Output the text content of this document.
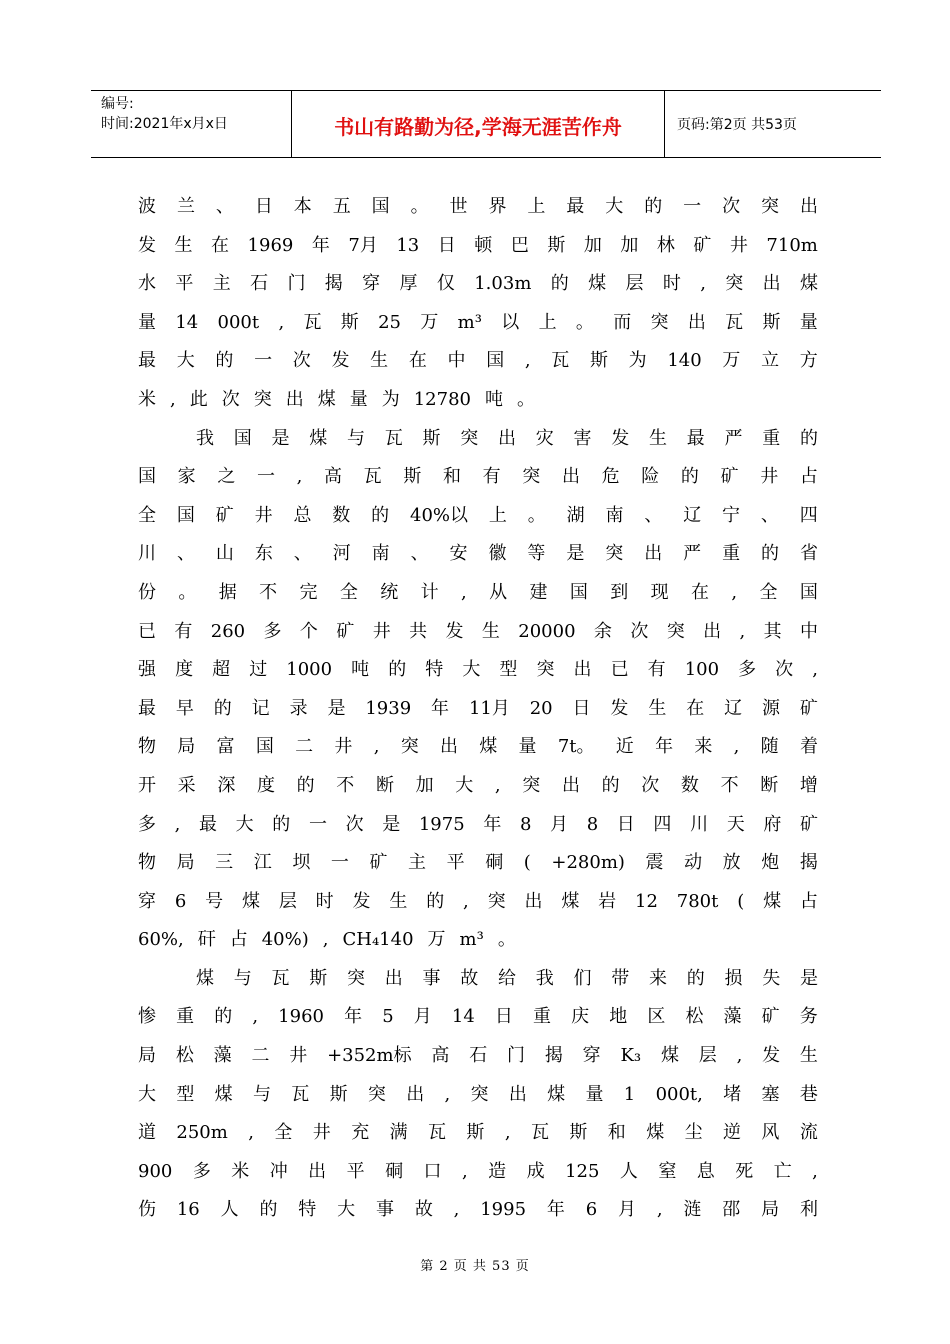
编号:
时间:2021年x月x日	书山有路勤为径,学海无涯苦作舟	页码:第2页 共53页
波 兰 、 日 本 五 国 。 世 界 上 最 大 的 一 次 突 出
发 生 在 1969 年 7月 13 日 顿 巴 斯 加 加 林 矿 井 710m
水 平 主 石 门 揭 穿 厚 仅 1.03m 的 煤 层 时 , 突 出 煤
量 14 000t , 瓦 斯 25 万 m³ 以 上 。 而 突 出 瓦 斯 量
最 大 的 一 次 发 生 在 中 国 , 瓦 斯 为 140 万 立 方
米 , 此 次 突 出 煤 量 为 12780 吨 。
我 国 是 煤 与 瓦 斯 突 出 灾 害 发 生 最 严 重 的
国 家 之 一 , 高 瓦 斯 和 有 突 出 危 险 的 矿 井 占
全 国 矿 井 总 数 的 40%以 上 。 湖 南 、 辽 宁 、 四
川 、 山 东 、 河 南 、 安 徽 等 是 突 出 严 重 的 省
份 。 据 不 完 全 统 计 , 从 建 国 到 现 在 , 全 国
已 有 260 多 个 矿 井 共 发 生 20000 余 次 突 出 , 其 中
强 度 超 过 1000 吨 的 特 大 型 突 出 已 有 100 多 次 ,
最 早 的 记 录 是 1939 年 11月 20 日 发 生 在 辽 源 矿
物 局 富 国 二 井 , 突 出 煤 量 7t。 近 年 来 , 随 着
开 采 深 度 的 不 断 加 大 , 突 出 的 次 数 不 断 增
多 , 最 大 的 一 次 是 1975 年 8 月 8 日 四 川 天 府 矿
物 局 三 江 坝 一 矿 主 平 硐 ( +280m) 震 动 放 炮 揭
穿 6 号 煤 层 时 发 生 的 , 突 出 煤 岩 12 780t ( 煤 占
60%, 矸 占 40%) , CH₄140 万 m³ 。
煤 与 瓦 斯 突 出 事 故 给 我 们 带 来 的 损 失 是
惨 重 的 , 1960 年 5 月 14 日 重 庆 地 区 松 藻 矿 务
局 松 藻 二 井 +352m标 高 石 门 揭 穿 K₃ 煤 层 , 发 生
大 型 煤 与 瓦 斯 突 出 , 突 出 煤 量 1 000t, 堵 塞 巷
道 250m , 全 井 充 满 瓦 斯 , 瓦 斯 和 煤 尘 逆 风 流
900 多 米 冲 出 平 硐 口 , 造 成 125 人 窒 息 死 亡 ,
伤 16 人 的 特 大 事 故 , 1995 年 6 月 , 涟 邵 局 利
第 2 页 共 53 页
